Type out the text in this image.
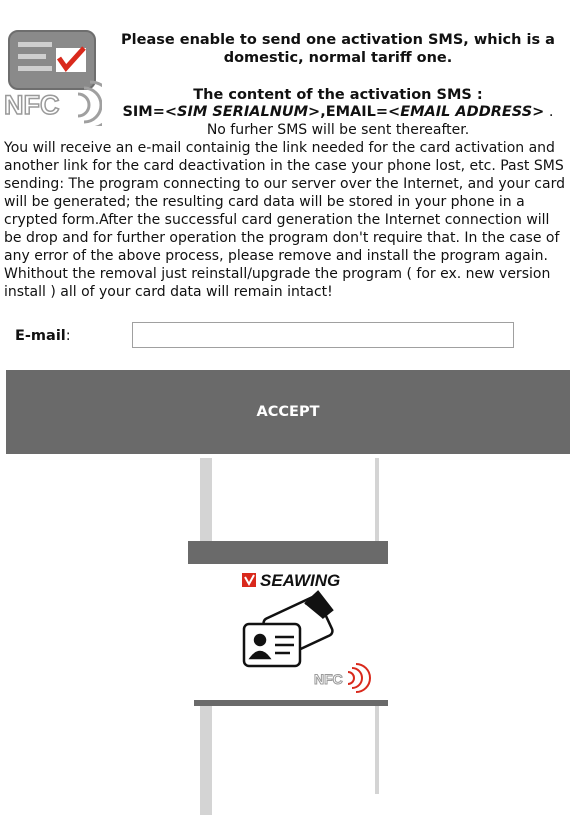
NFC
Please enable to send one activation SMS, which is a domestic, normal tariff one.
The content of the activation SMS :
SIM=<SIM SERIALNUM>,EMAIL=<EMAIL ADDRESS> .
No furher SMS will be sent thereafter.
You will receive an e-mail containig the link needed for the card activation and another link for the card deactivation in the case your phone lost, etc. Past SMS sending: The program connecting to our server over the Internet, and your card will be generated; the resulting card data will be stored in your phone in a crypted form.After the successful card generation the Internet connection will be drop and for further operation the program don't require that. In the case of any error of the above process, please remove and install the program again. Whithout the removal just reinstall/upgrade the program ( for ex. new version install ) all of your card data will remain intact!
E-mail:
ACCEPT
SEAWING
NFC
